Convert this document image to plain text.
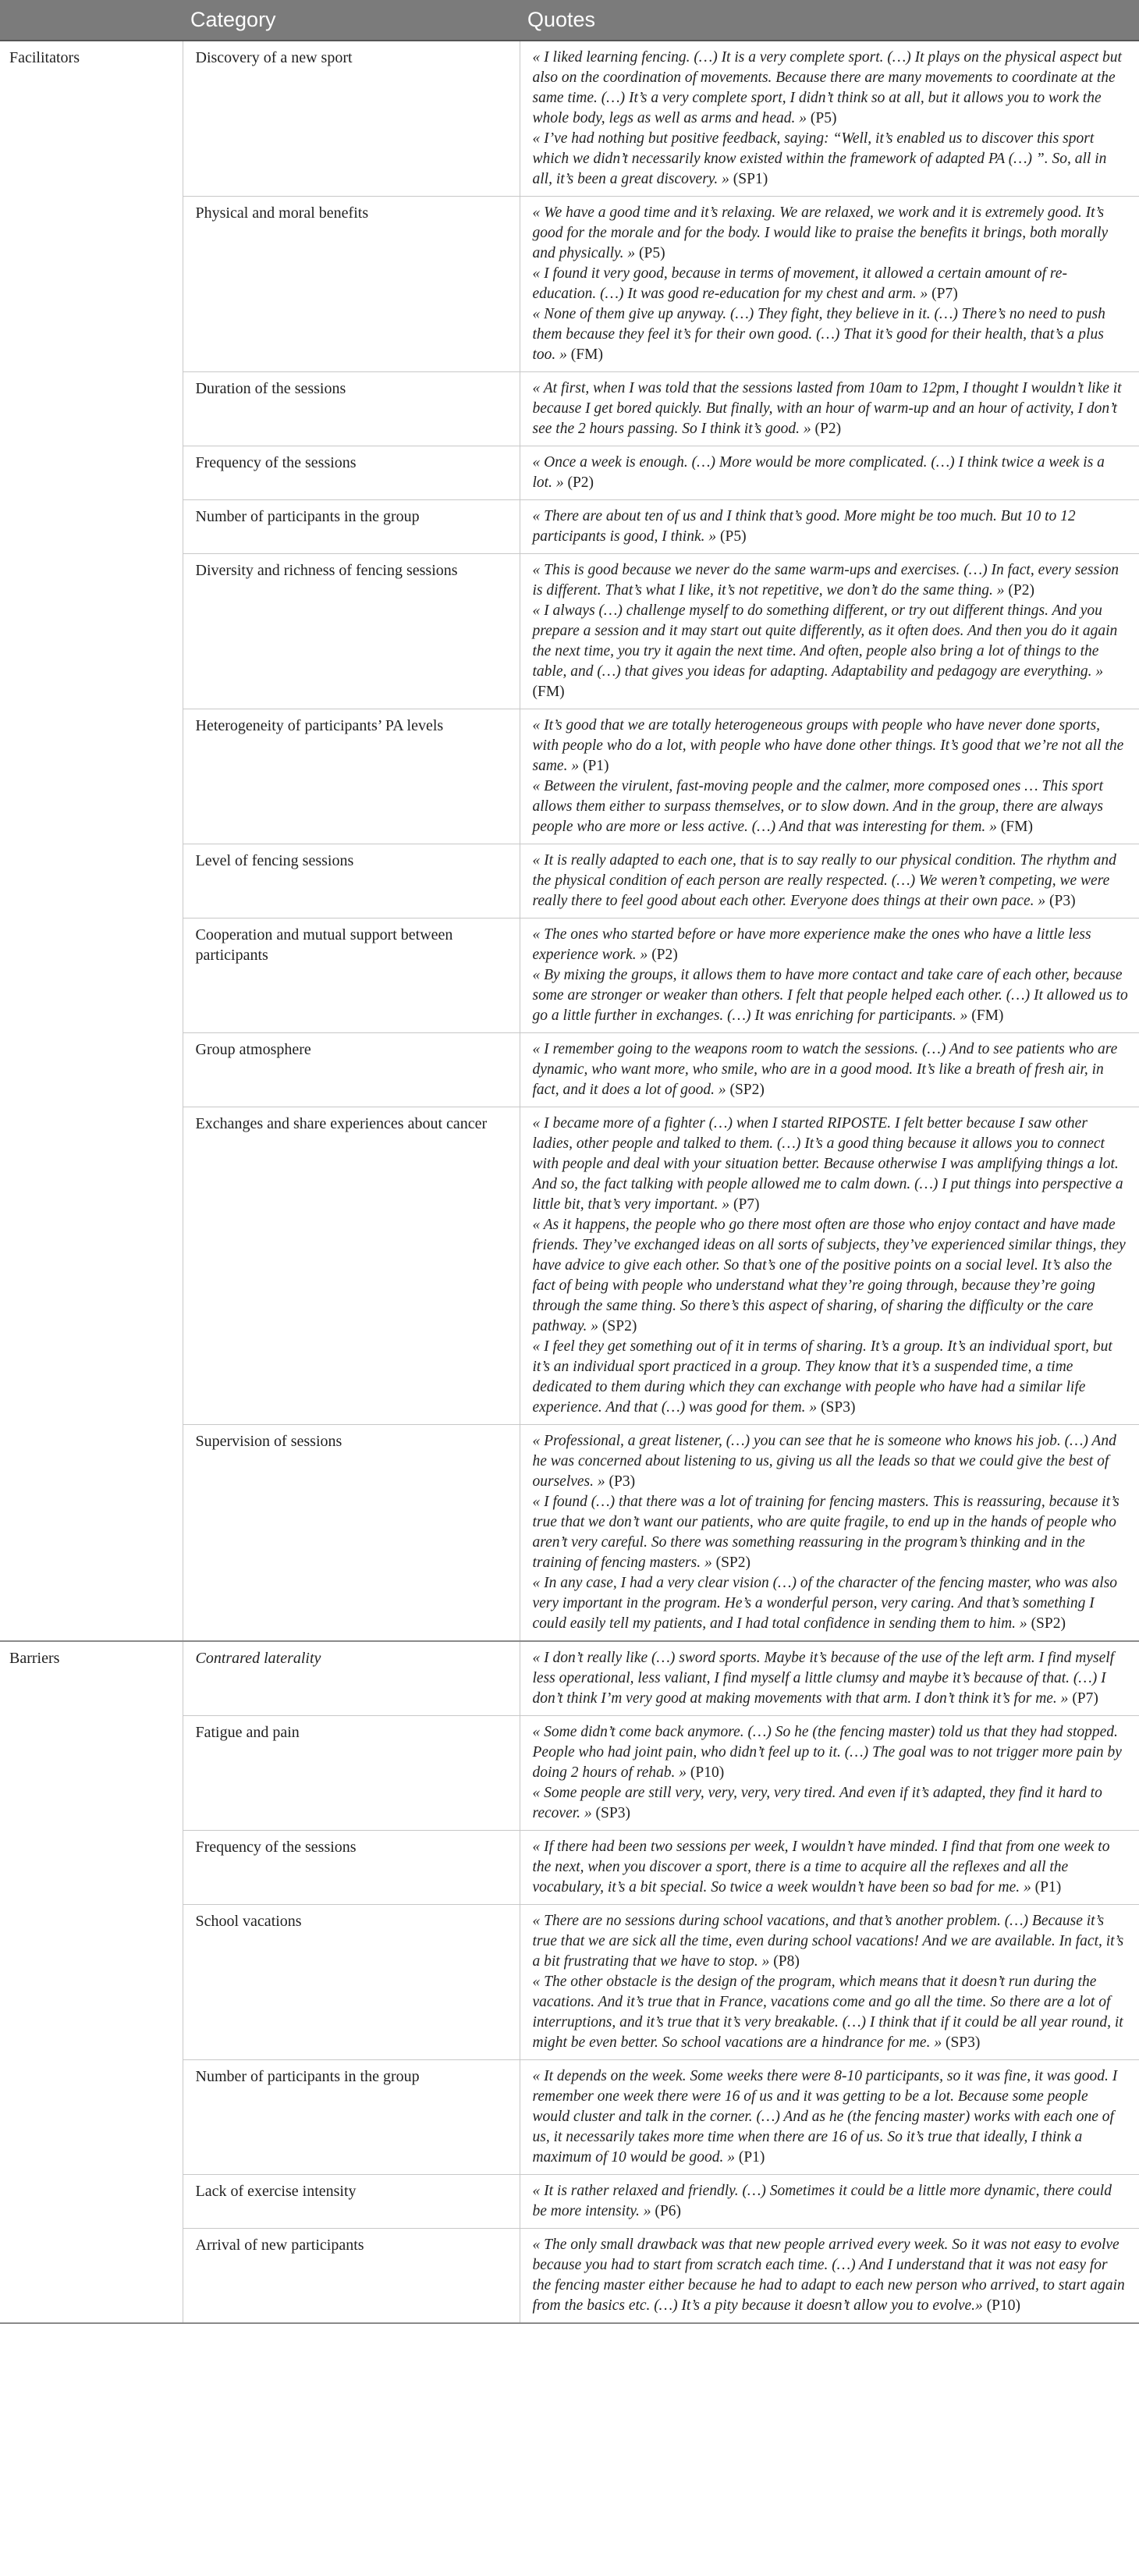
	Category	Quotes
Facilitators	Discovery of a new sport	« I liked learning fencing. (…) It is a very complete sport. (…) It plays on the physical aspect but also on the coordination of movements. Because there are many movements to coordinate at the same time. (…) It’s a very complete sport, I didn’t think so at all, but it allows you to work the whole body, legs as well as arms and head. » (P5)
« I’ve had nothing but positive feedback, saying: “Well, it’s enabled us to discover this sport which we didn’t necessarily know existed within the framework of adapted PA (…) ”. So, all in all, it’s been a great discovery. » (SP1)

	Physical and moral benefits	« We have a good time and it’s relaxing. We are relaxed, we work and it is extremely good. It’s good for the morale and for the body. I would like to praise the benefits it brings, both morally and physically. » (P5)
« I found it very good, because in terms of movement, it allowed a certain amount of re-education. (…) It was good re-education for my chest and arm. » (P7)
« None of them give up anyway. (…) They fight, they believe in it. (…) There’s no need to push them because they feel it’s for their own good. (…) That it’s good for their health, that’s a plus too. » (FM)

	Duration of the sessions	« At first, when I was told that the sessions lasted from 10am to 12pm, I thought I wouldn’t like it because I get bored quickly. But finally, with an hour of warm-up and an hour of activity, I don’t see the 2 hours passing. So I think it’s good. » (P2)

	Frequency of the sessions	« Once a week is enough. (…) More would be more complicated. (…) I think twice a week is a lot. » (P2)

	Number of participants in the group	« There are about ten of us and I think that’s good. More might be too much. But 10 to 12 participants is good, I think. » (P5)

	Diversity and richness of fencing sessions	« This is good because we never do the same warm-ups and exercises. (…) In fact, every session is different. That’s what I like, it’s not repetitive, we don’t do the same thing. » (P2)
« I always (…) challenge myself to do something different, or try out different things. And you prepare a session and it may start out quite differently, as it often does. And then you do it again the next time, you try it again the next time. And often, people also bring a lot of things to the table, and (…) that gives you ideas for adapting. Adaptability and pedagogy are everything. » (FM)

	Heterogeneity of participants’ PA levels	« It’s good that we are totally heterogeneous groups with people who have never done sports, with people who do a lot, with people who have done other things. It’s good that we’re not all the same. » (P1)
« Between the virulent, fast-moving people and the calmer, more composed ones … This sport allows them either to surpass themselves, or to slow down. And in the group, there are always people who are more or less active. (…) And that was interesting for them. » (FM)

	Level of fencing sessions	« It is really adapted to each one, that is to say really to our physical condition. The rhythm and the physical condition of each person are really respected. (…) We weren’t competing, we were really there to feel good about each other. Everyone does things at their own pace. » (P3)

	Cooperation and mutual support between participants	« The ones who started before or have more experience make the ones who have a little less experience work. » (P2)
« By mixing the groups, it allows them to have more contact and take care of each other, because some are stronger or weaker than others. I felt that people helped each other. (…) It allowed us to go a little further in exchanges. (…) It was enriching for participants. » (FM)

	Group atmosphere	« I remember going to the weapons room to watch the sessions. (…) And to see patients who are dynamic, who want more, who smile, who are in a good mood. It’s like a breath of fresh air, in fact, and it does a lot of good. » (SP2)

	Exchanges and share experiences about cancer	« I became more of a fighter (…) when I started RIPOSTE. I felt better because I saw other ladies, other people and talked to them. (…) It’s a good thing because it allows you to connect with people and deal with your situation better. Because otherwise I was amplifying things a lot. And so, the fact talking with people allowed me to calm down. (…) I put things into perspective a little bit, that’s very important. » (P7)
« As it happens, the people who go there most often are those who enjoy contact and have made friends. They’ve exchanged ideas on all sorts of subjects, they’ve experienced similar things, they have advice to give each other. So that’s one of the positive points on a social level. It’s also the fact of being with people who understand what they’re going through, because they’re going through the same thing. So there’s this aspect of sharing, of sharing the difficulty or the care pathway. » (SP2)
« I feel they get something out of it in terms of sharing. It’s a group. It’s an individual sport, but it’s an individual sport practiced in a group. They know that it’s a suspended time, a time dedicated to them during which they can exchange with people who have had a similar life experience. And that (…) was good for them. » (SP3)

	Supervision of sessions	« Professional, a great listener, (…) you can see that he is someone who knows his job. (…) And he was concerned about listening to us, giving us all the leads so that we could give the best of ourselves. » (P3)
« I found (…) that there was a lot of training for fencing masters. This is reassuring, because it’s true that we don’t want our patients, who are quite fragile, to end up in the hands of people who aren’t very careful. So there was something reassuring in the program’s thinking and in the training of fencing masters. » (SP2)
« In any case, I had a very clear vision (…) of the character of the fencing master, who was also very important in the program. He’s a wonderful person, very caring. And that’s something I could easily tell my patients, and I had total confidence in sending them to him. » (SP2)

Barriers	Contrared laterality	« I don’t really like (…) sword sports. Maybe it’s because of the use of the left arm. I find myself less operational, less valiant, I find myself a little clumsy and maybe it’s because of that. (…) I don’t think I’m very good at making movements with that arm. I don’t think it’s for me. » (P7)

	Fatigue and pain	« Some didn’t come back anymore. (…) So he (the fencing master) told us that they had stopped. People who had joint pain, who didn’t feel up to it. (…) The goal was to not trigger more pain by doing 2 hours of rehab. » (P10)
« Some people are still very, very, very, very tired. And even if it’s adapted, they find it hard to recover. » (SP3)

	Frequency of the sessions	« If there had been two sessions per week, I wouldn’t have minded. I find that from one week to the next, when you discover a sport, there is a time to acquire all the reflexes and all the vocabulary, it’s a bit special. So twice a week wouldn’t have been so bad for me. » (P1)

	School vacations	« There are no sessions during school vacations, and that’s another problem. (…) Because it’s true that we are sick all the time, even during school vacations! And we are available. In fact, it’s a bit frustrating that we have to stop. » (P8)
« The other obstacle is the design of the program, which means that it doesn’t run during the vacations. And it’s true that in France, vacations come and go all the time. So there are a lot of interruptions, and it’s true that it’s very breakable. (…) I think that if it could be all year round, it might be even better. So school vacations are a hindrance for me. » (SP3)

	Number of participants in the group	« It depends on the week. Some weeks there were 8-10 participants, so it was fine, it was good. I remember one week there were 16 of us and it was getting to be a lot. Because some people would cluster and talk in the corner. (…) And as he (the fencing master) works with each one of us, it necessarily takes more time when there are 16 of us. So it’s true that ideally, I think a maximum of 10 would be good. » (P1)

	Lack of exercise intensity	« It is rather relaxed and friendly. (…) Sometimes it could be a little more dynamic, there could be more intensity. » (P6)

	Arrival of new participants	« The only small drawback was that new people arrived every week. So it was not easy to evolve because you had to start from scratch each time. (…) And I understand that it was not easy for the fencing master either because he had to adapt to each new person who arrived, to start again from the basics etc. (…) It’s a pity because it doesn’t allow you to evolve.» (P10)
